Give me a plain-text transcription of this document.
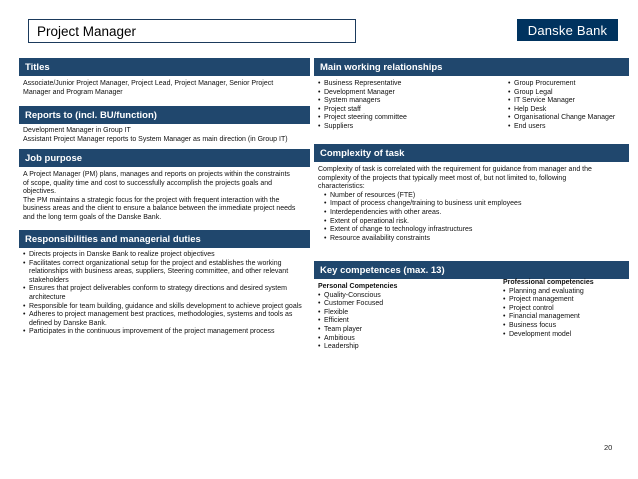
Project Manager	Danske Bank
Titles

Associate/Junior Project Manager, Project Lead, Project Manager, Senior Project

Manager and Program Manager

Reports to (incl. BU/function)

Development Manager in Group IT

Assistant Project Manager reports to System Manager as main direction (in Group IT)

Job purpose

A Project Manager (PM) plans, manages and reports on projects within the constraints

of scope, quality time and cost to successfully accomplish the projects goals and

objectives.

The PM maintains a strategic focus for the project with frequent interaction with the

business areas and the client to ensure a balance between the immediate project needs

and the long term goals of the Danske Bank.

Responsibilities and managerial duties
• Directs projects in Danske Bank to realize project objectives
• Facilitates correct organizational setup for the project and establishes the working relationships with business areas, suppliers, Steering committee, and other relevant stakeholders
• Ensures that project deliverables conform to strategy directions and desired system architecture
• Responsible for team building, guidance and skills development to achieve project goals
• Adheres to project management best practices, methodologies, systems and tools as defined by Danske Bank.
• Participates in the continuous improvement of the project management process
Main working relationships
• Business Representative
• Development Manager
• System managers
• Project staff
• Project steering committee
• Suppliers
• Group Procurement
• Group Legal
• IT Service Manager
• Help Desk
• Organisational Change Manager
• End users
Complexity of task

Complexity of task is correlated with the requirement for guidance from manager and the

complexity of the projects that typically meet most of, but not limited to, following

characteristics:

• Number of resources (FTE)
• Impact of process change/training to business unit employees
• Interdependencies with other areas.
• Extent of operational risk.
• Extent of change to technology infrastructures
• Resource availability constraints
Key competences (max. 13)

Personal Competencies

• Quality-Conscious
• Customer Focused
• Flexible
• Efficient
• Team player
• Ambitious
• Leadership

Professional competencies

• Planning and evaluating
• Project management
• Project control
• Financial management
• Business focus
• Development model
20
